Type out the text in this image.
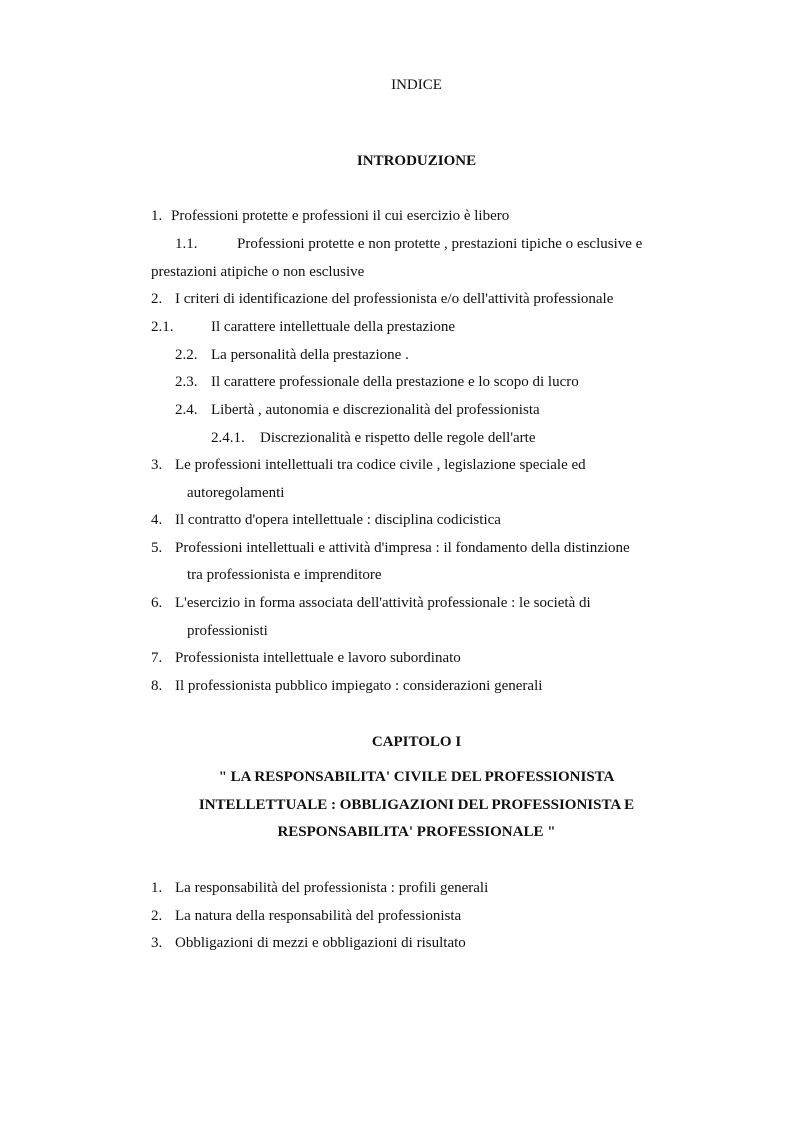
INDICE
INTRODUZIONE
1. Professioni protette e professioni il cui esercizio è libero
1.1.	Professioni protette e non protette , prestazioni tipiche o esclusive e
prestazioni atipiche o non esclusive
2. I criteri di identificazione del professionista e/o dell'attività professionale
2.1.	Il carattere intellettuale della prestazione
2.2. La personalità della prestazione .
2.3. Il carattere professionale della prestazione e lo scopo di lucro
2.4. Libertà , autonomia e discrezionalità del professionista
2.4.1. Discrezionalità e rispetto delle regole dell'arte
3. Le professioni intellettuali tra codice civile , legislazione speciale ed
autoregolamenti
4. Il contratto d'opera intellettuale : disciplina codicistica
5. Professioni intellettuali e attività d'impresa : il fondamento della distinzione
tra professionista e imprenditore
6. L'esercizio in forma associata dell'attività professionale : le società di
professionisti
7. Professionista intellettuale e lavoro subordinato
8. Il professionista pubblico impiegato : considerazioni generali
CAPITOLO I
" LA RESPONSABILITA' CIVILE DEL PROFESSIONISTA
INTELLETTUALE : OBBLIGAZIONI DEL PROFESSIONISTA E
RESPONSABILITA' PROFESSIONALE "
1. La responsabilità del professionista : profili generali
2. La natura della responsabilità del professionista
3. Obbligazioni di mezzi e obbligazioni di risultato
